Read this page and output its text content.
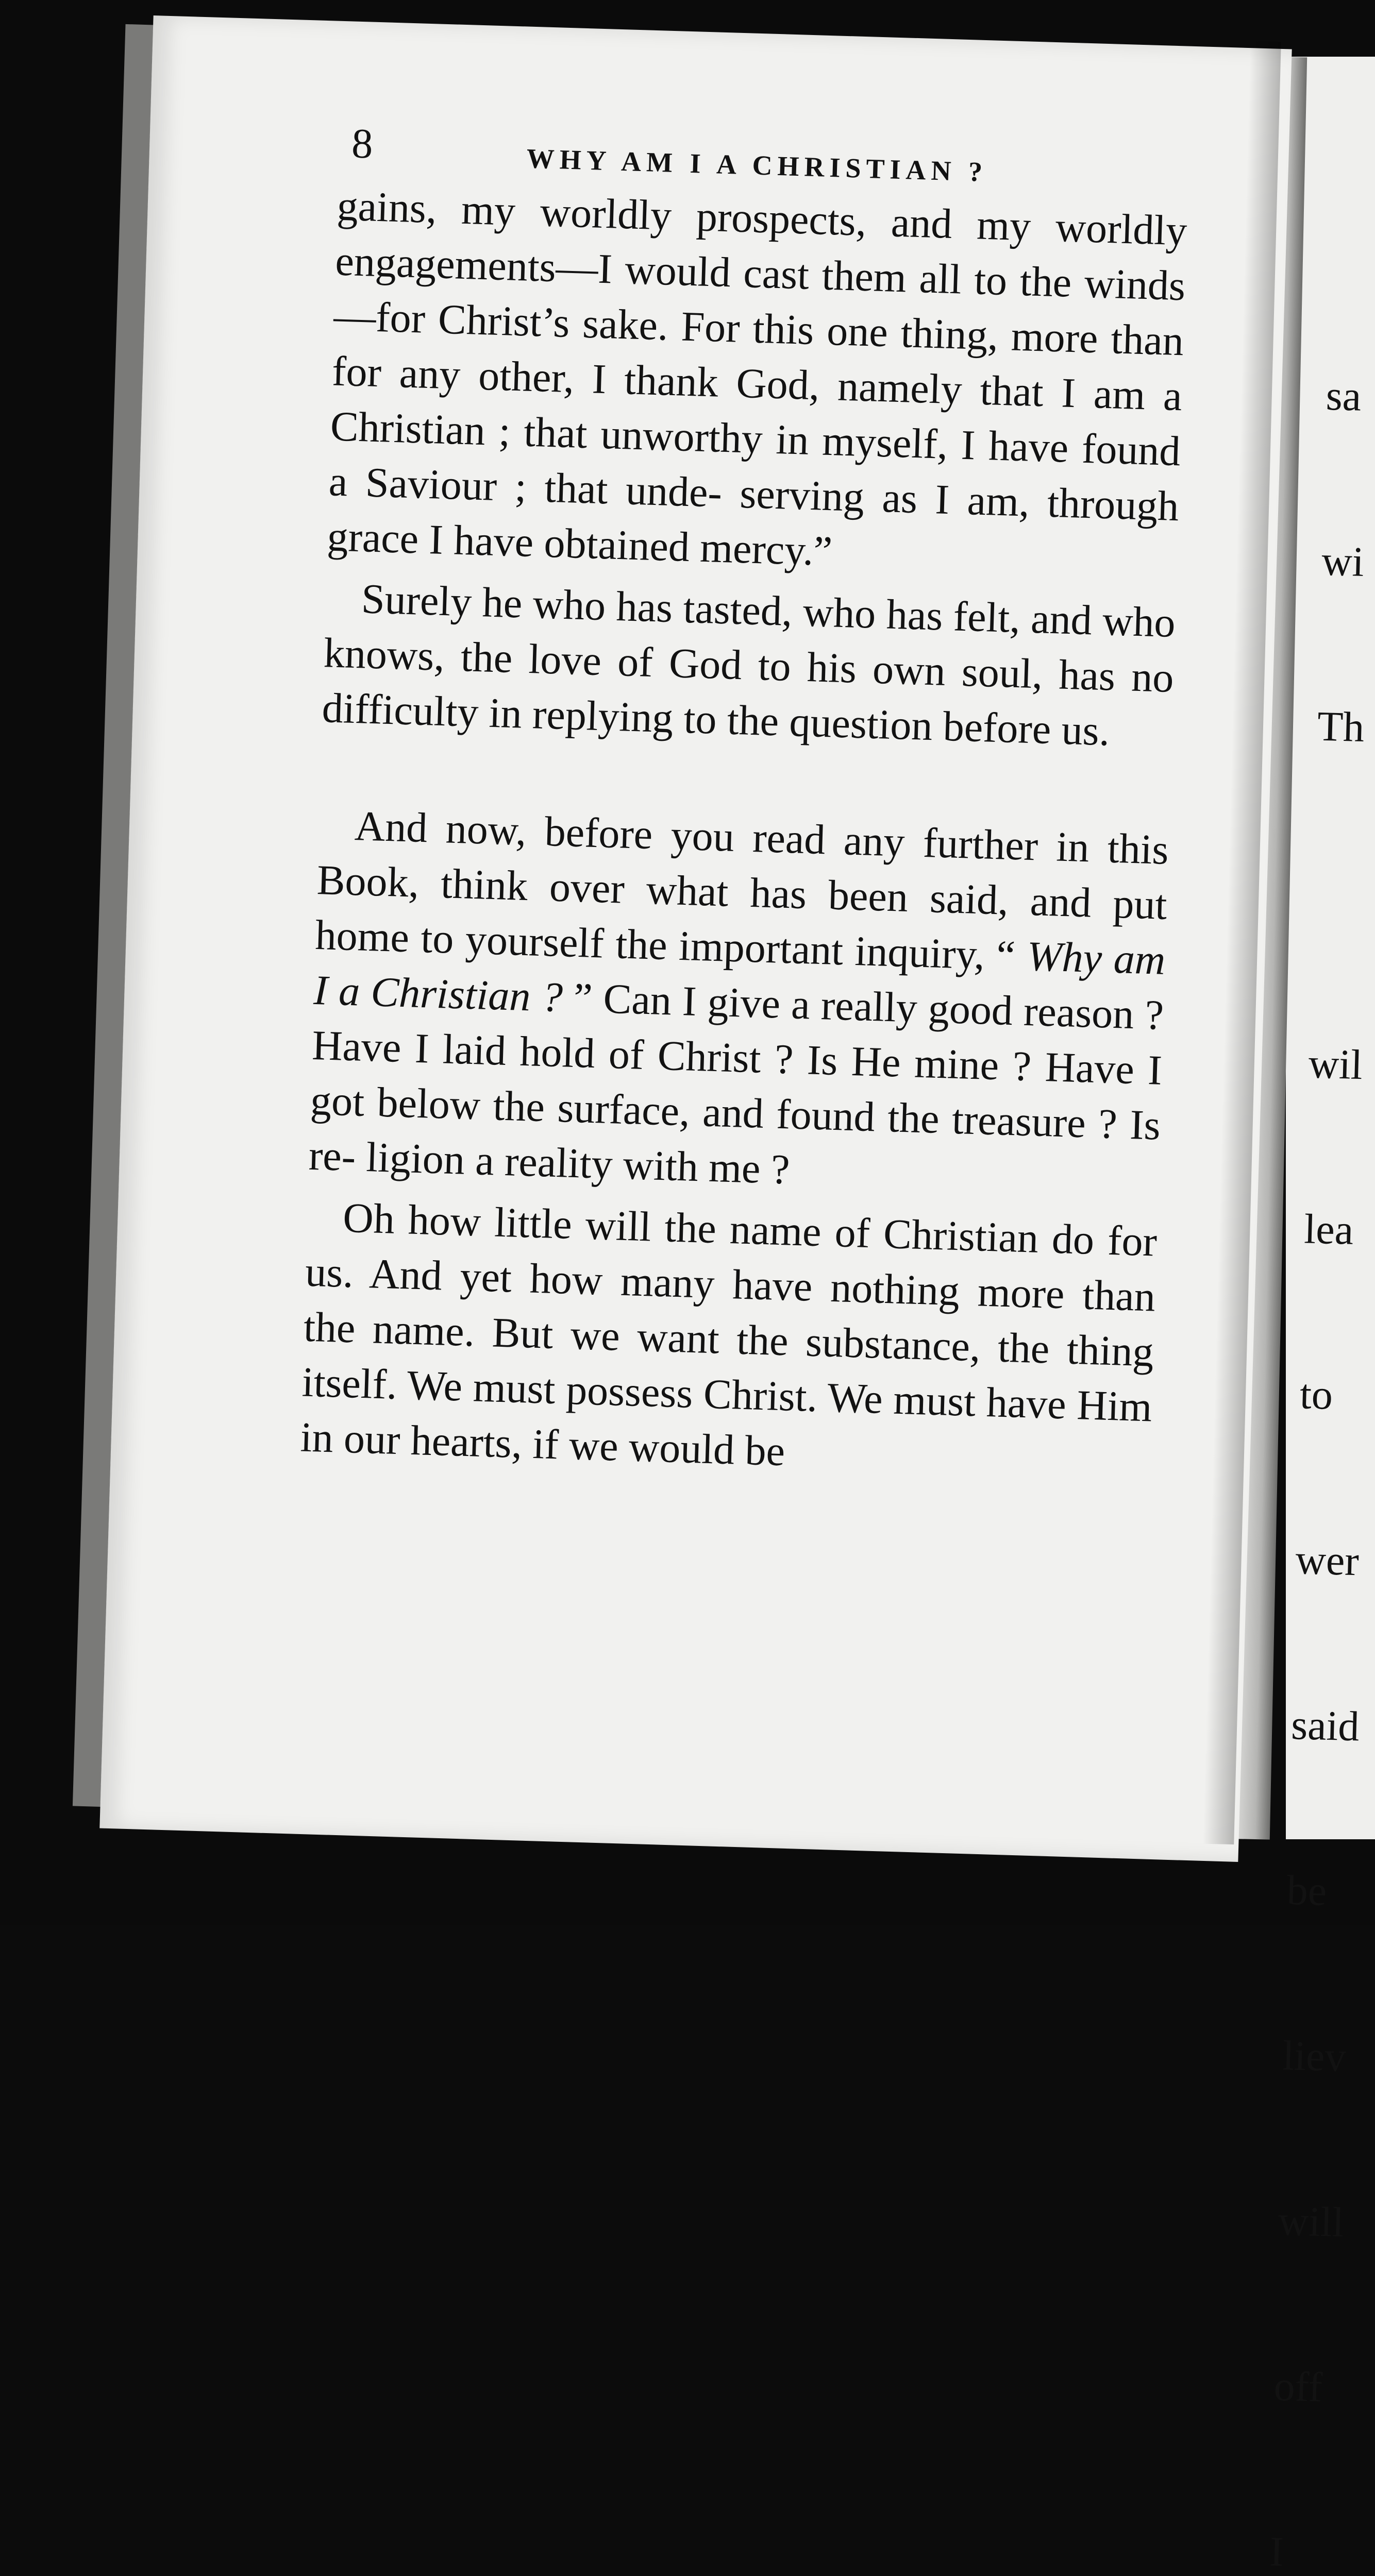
8	WHY AM I A CHRISTIAN ?

gains, my worldly prospects, and my worldly engagements—I would cast them all to the winds—for Christ’s sake. For this one thing, more than for any other, I thank God, namely that I am a Christian ; that unworthy in myself, I have found a Saviour ; that unde- serving as I am, through grace I have obtained mercy.”

Surely he who has tasted, who has felt, and who knows, the love of God to his own soul, has no difficulty in replying to the question before us.

And now, before you read any further in this Book, think over what has been said, and put home to yourself the important inquiry, “ Why am I a Christian ? ” Can I give a really good reason ? Have I laid hold of Christ ? Is He mine ? Have I got below the surface, and found the treasure ? Is re- ligion a reality with me ?

Oh how little will the name of Christian do for us. And yet how many have nothing more than the name. But we want the substance, the thing itself. We must possess Christ. We must have Him in our hearts, if we would be

sa

wi

Th

wil

lea

to

wer

said

be

liev

will

off

I
